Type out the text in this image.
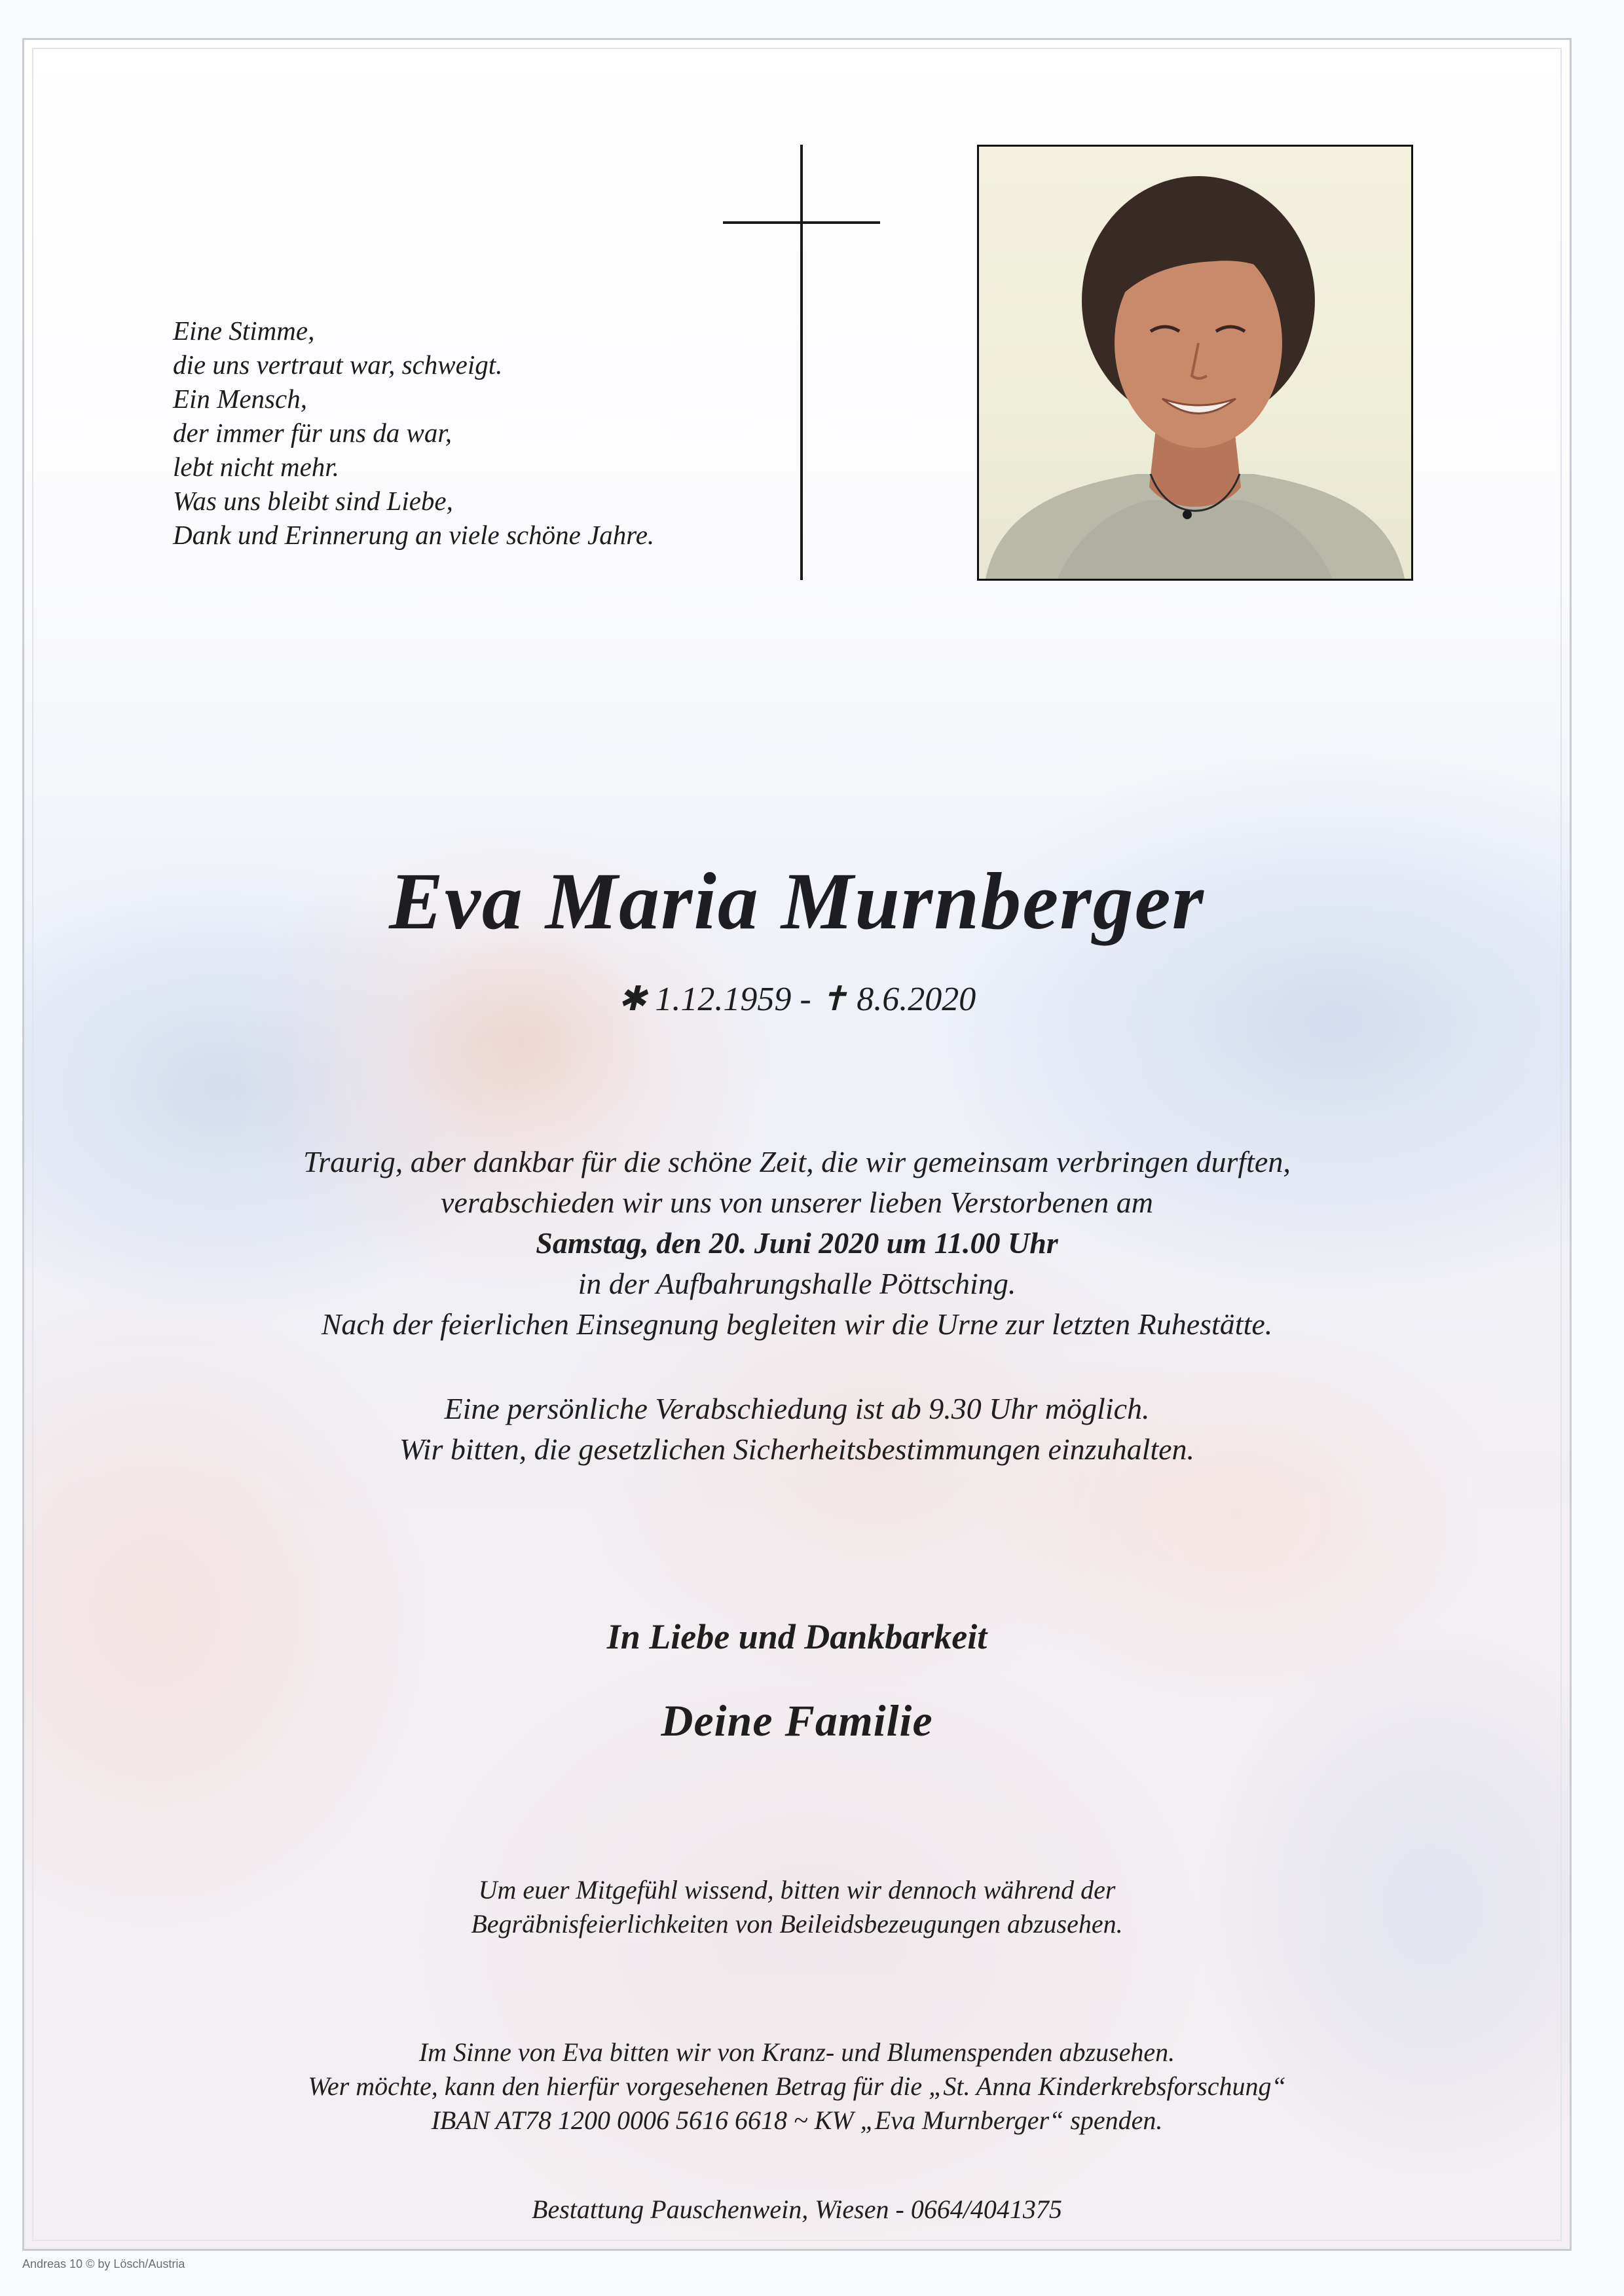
Eine Stimme,
die uns vertraut war, schweigt.
Ein Mensch,
der immer für uns da war,
lebt nicht mehr.
Was uns bleibt sind Liebe,
Dank und Erinnerung an viele schöne Jahre.
Eva Maria Murnberger
✱ 1.12.1959 - ✝ 8.6.2020
Traurig, aber dankbar für die schöne Zeit, die wir gemeinsam verbringen durften,
verabschieden wir uns von unserer lieben Verstorbenen am
Samstag, den 20. Juni 2020 um 11.00 Uhr
in der Aufbahrungshalle Pöttsching.
Nach der feierlichen Einsegnung begleiten wir die Urne zur letzten Ruhestätte.
Eine persönliche Verabschiedung ist ab 9.30 Uhr möglich.
Wir bitten, die gesetzlichen Sicherheitsbestimmungen einzuhalten.
In Liebe und Dankbarkeit
Deine Familie
Um euer Mitgefühl wissend, bitten wir dennoch während der
Begräbnisfeierlichkeiten von Beileidsbezeugungen abzusehen.
Im Sinne von Eva bitten wir von Kranz- und Blumenspenden abzusehen.
Wer möchte, kann den hierfür vorgesehenen Betrag für die „St. Anna Kinderkrebsforschung“
IBAN AT78 1200 0006 5616 6618 ~ KW „Eva Murnberger“ spenden.
Bestattung Pauschenwein, Wiesen - 0664/4041375
Andreas 10 © by Lösch/Austria
